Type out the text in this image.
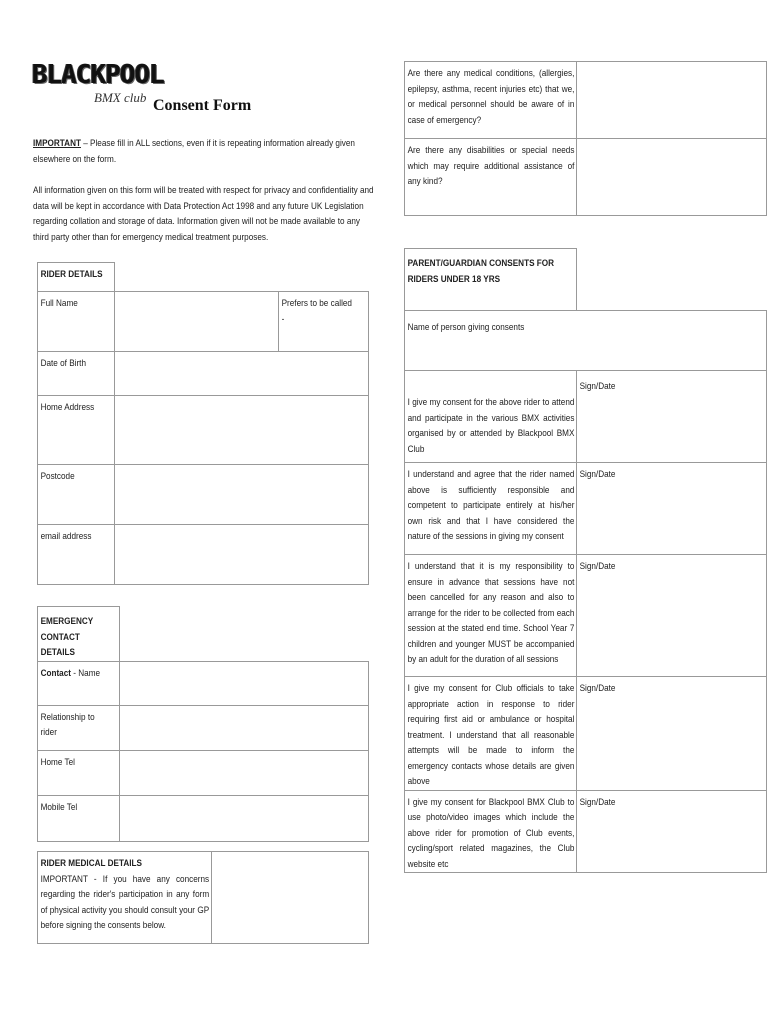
BLACKPOOL
BMX club Consent Form
IMPORTANT – Please fill in ALL sections, even if it is repeating information already given elsewhere on the form.
All information given on this form will be treated with respect for privacy and confidentiality and data will be kept in accordance with Data Protection Act 1998 and any future UK Legislation regarding collation and storage of data. Information given will not be made available to any third party other than for emergency medical treatment purposes.
RIDER DETAILS		

Full Name		Prefers to be called -

Date of Birth		

Home Address		

Postcode		

email address		

EMERGENCY CONTACT DETAILS	

Contact - Name	

Relationship to rider	

Home Tel	

Mobile Tel	

RIDER MEDICAL DETAILS
IMPORTANT - If you have any concerns regarding the rider's participation in any form of physical activity you should consult your GP before signing the consents below.

Are there any medical conditions, (allergies, epilepsy, asthma, recent injuries etc) that we, or medical personnel should be aware of in case of emergency?	

Are there any disabilities or special needs which may require additional assistance of any kind?	

PARENT/GUARDIAN CONSENTS FOR RIDERS UNDER 18 YRS	

Name of person giving consents	

I give my consent for the above rider to attend and participate in the various BMX activities organised by or attended by Blackpool BMX Club	Sign/Date

I understand and agree that the rider named above is sufficiently responsible and competent to participate entirely at his/her own risk and that I have considered the nature of the sessions in giving my consent	Sign/Date

I understand that it is my responsibility to ensure in advance that sessions have not been cancelled for any reason and also to arrange for the rider to be collected from each session at the stated end time. School Year 7 children and younger MUST be accompanied by an adult for the duration of all sessions	Sign/Date

I give my consent for Club officials to take appropriate action in response to rider requiring first aid or ambulance or hospital treatment. I understand that all reasonable attempts will be made to inform the emergency contacts whose details are given above	Sign/Date

I give my consent for Blackpool BMX Club to use photo/video images which include the above rider for promotion of Club events, cycling/sport related magazines, the Club website etc	Sign/Date
